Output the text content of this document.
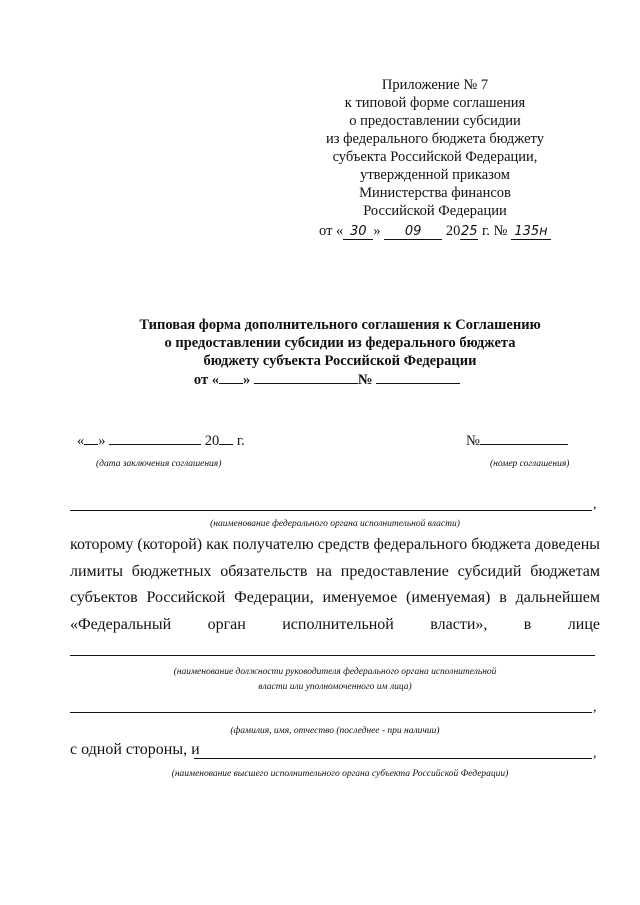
Приложение № 7
к типовой форме соглашения
о предоставлении субсидии
из федерального бюджета бюджету
субъекта Российской Федерации,
утвержденной приказом
Министерства финансов
Российской Федерации
от « 30 » 09 2025 г. № 135н
Типовая форма дополнительного соглашения к Соглашению
о предоставлении субсидии из федерального бюджета
бюджету субъекта Российской Федерации
от « »	№
« »	20 г.	№
(дата заключения соглашения)	(номер соглашения)
,
(наименование федерального органа исполнительной власти)
которому (которой) как получателю средств федерального бюджета доведены лимиты бюджетных обязательств на предоставление субсидий бюджетам субъектов Российской Федерации, именуемое (именуемая) в дальнейшем «Федеральный орган исполнительной власти», в лице
(наименование должности руководителя федерального органа исполнительной
власти или уполномоченного им лица)
,
(фамилия, имя, отчество (последнее - при наличии)
с одной стороны, и	,
(наименование высшего исполнительного органа субъекта Российской Федерации)
